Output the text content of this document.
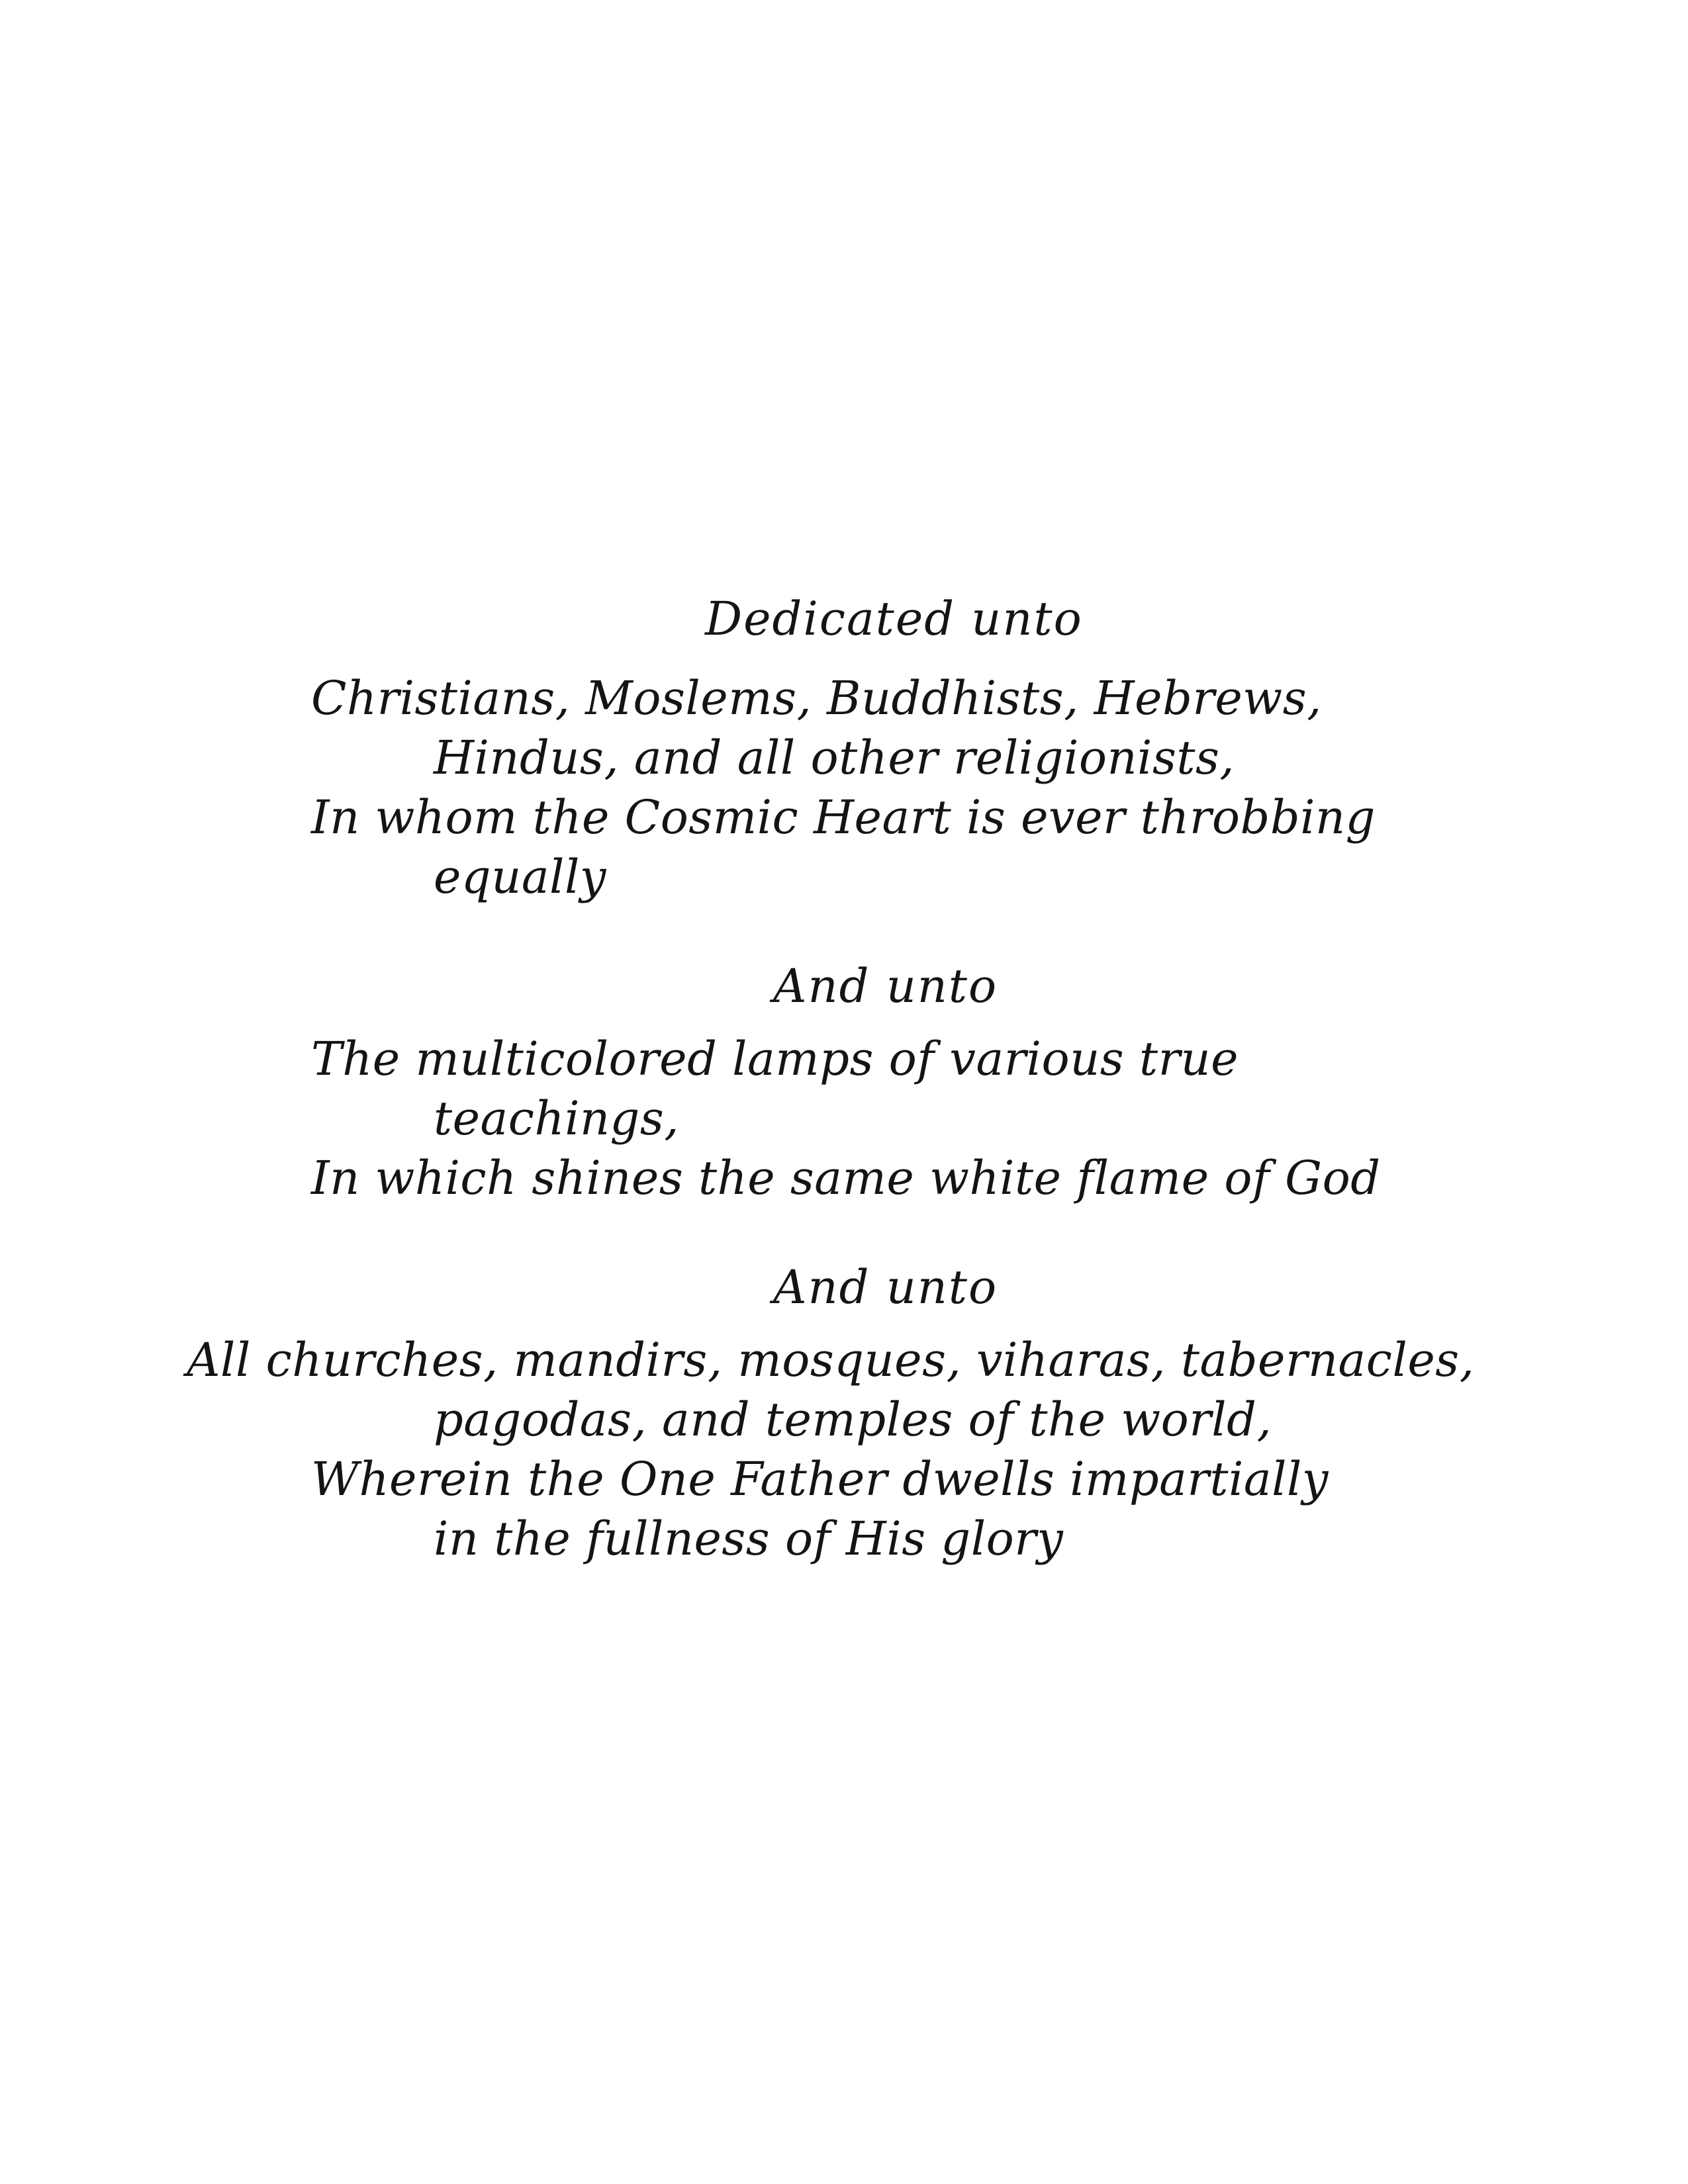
Dedicated unto

Christians, Moslems, Buddhists, Hebrews,

Hindus, and all other religionists,

In whom the Cosmic Heart is ever throbbing

equally

And unto

The multicolored lamps of various true

teachings,

In which shines the same white flame of God

And unto

All churches, mandirs, mosques, viharas, tabernacles,

pagodas, and temples of the world,

Wherein the One Father dwells impartially

in the fullness of His glory
